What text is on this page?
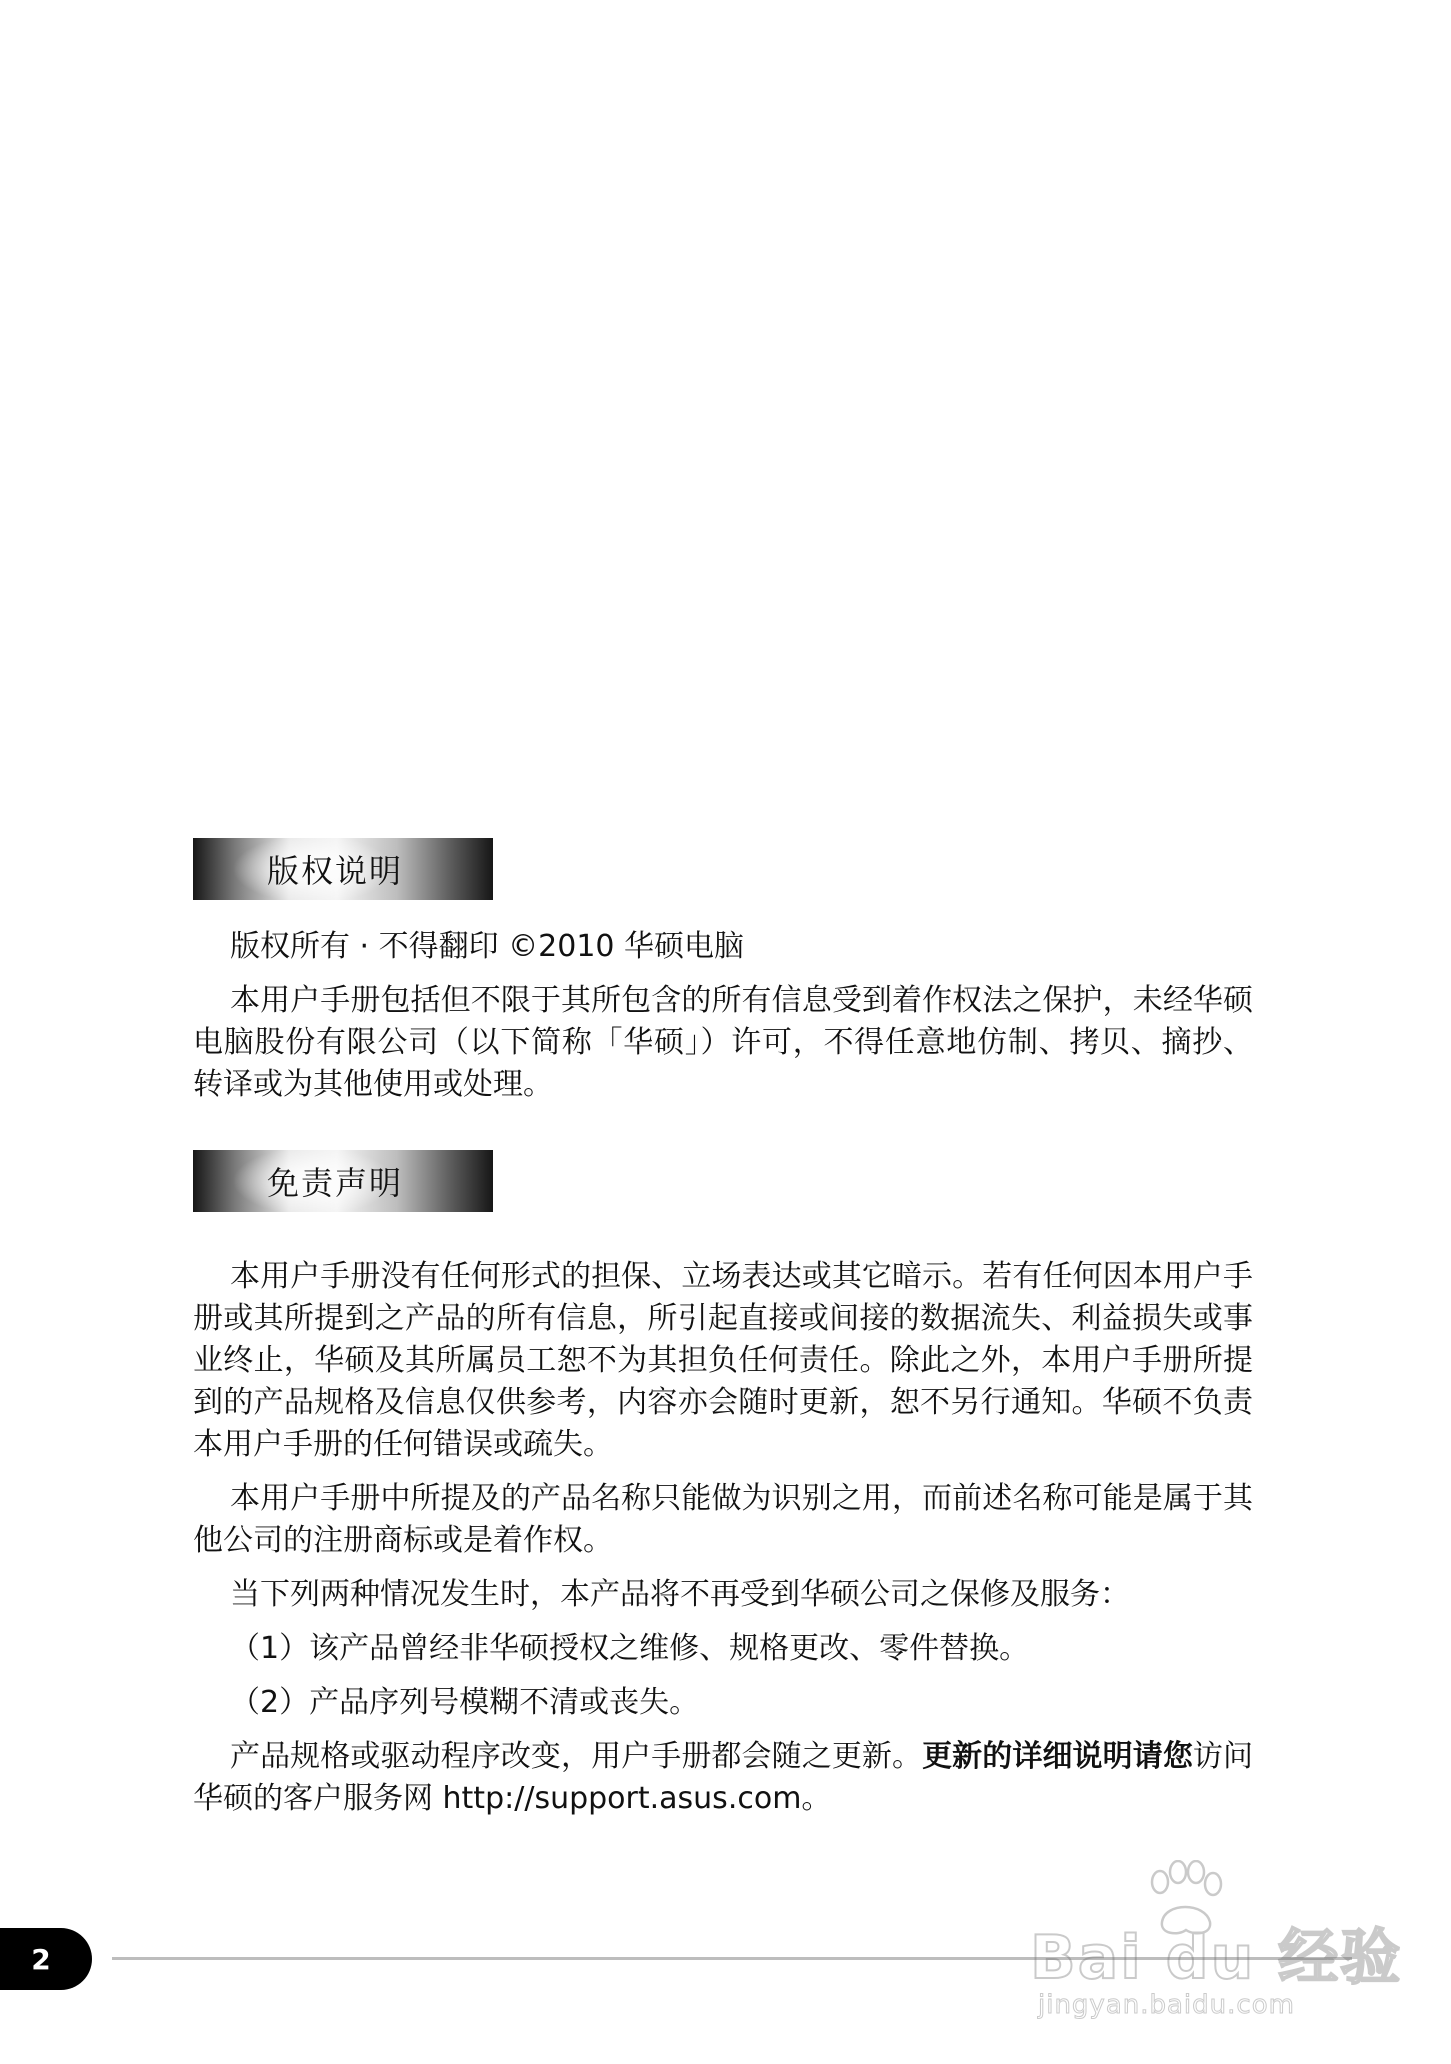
版权说明

版权所有 · 不得翻印 ©2010 华硕电脑

本用户手册包括但不限于其所包含的所有信息受到着作权法之保护，未经华硕电脑股份有限公司（以下简称「华硕」）许可，不得任意地仿制、拷贝、摘抄、转译或为其他使用或处理。

免责声明

本用户手册没有任何形式的担保、立场表达或其它暗示。若有任何因本用户手册或其所提到之产品的所有信息，所引起直接或间接的数据流失、利益损失或事业终止，华硕及其所属员工恕不为其担负任何责任。除此之外，本用户手册所提到的产品规格及信息仅供参考，内容亦会随时更新，恕不另行通知。华硕不负责本用户手册的任何错误或疏失。

本用户手册中所提及的产品名称只能做为识别之用，而前述名称可能是属于其他公司的注册商标或是着作权。

当下列两种情况发生时，本产品将不再受到华硕公司之保修及服务：

（1）该产品曾经非华硕授权之维修、规格更改、零件替换。

（2）产品序列号模糊不清或丧失。

产品规格或驱动程序改变，用户手册都会随之更新。更新的详细说明请您访问华硕的客户服务网 http://support.asus.com。

2	Bai du 经验
jingyan.baidu.com
